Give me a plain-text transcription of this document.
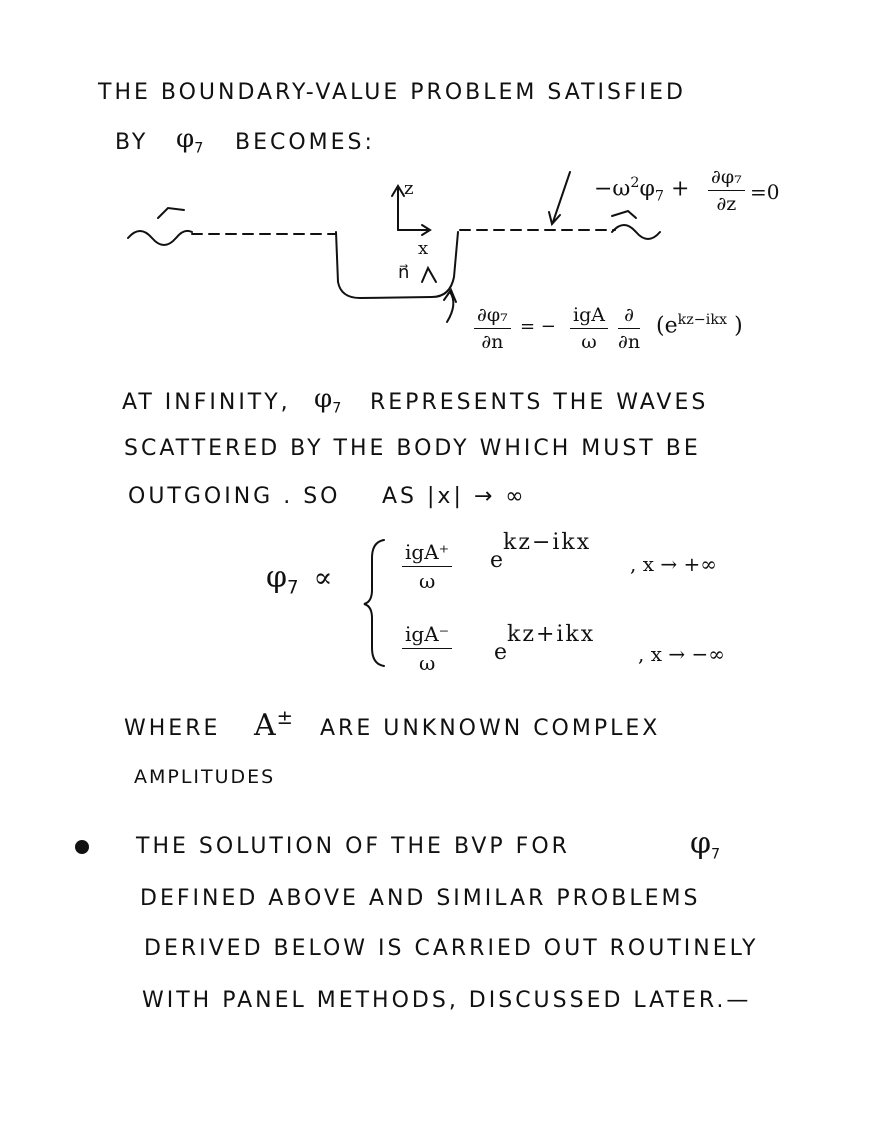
THE BOUNDARY-VALUE PROBLEM SATISFIED
BY $\varphi_7$ BECOMES:
z
x
n⃗
$-\omega^2\varphi_7 + \frac{\text{∂φ₇}}{\partial z} =0$
$\frac{\text{∂φ₇}}{\partial n}$ = −
igA
ω
∂
∂n
($e^{kz-ikx}$ )
AT INFINITY, $\varphi_7$ REPRESENTS THE WAVES
SCATTERED BY THE BODY WHICH MUST BE
OUTGOING . SO AS |x| → ∞
$\varphi_7$ ∝
igA⁺
ω
ekz−ikx
, x → +∞
igA⁻
ω	ekz+ikx
, x → −∞
WHERE A± ARE UNKNOWN COMPLEX
AMPLITUDES
THE SOLUTION OF THE BVP FOR	$\varphi_7$
DEFINED ABOVE AND SIMILAR PROBLEMS
DERIVED BELOW IS CARRIED OUT ROUTINELY
WITH PANEL METHODS, DISCUSSED LATER.—
